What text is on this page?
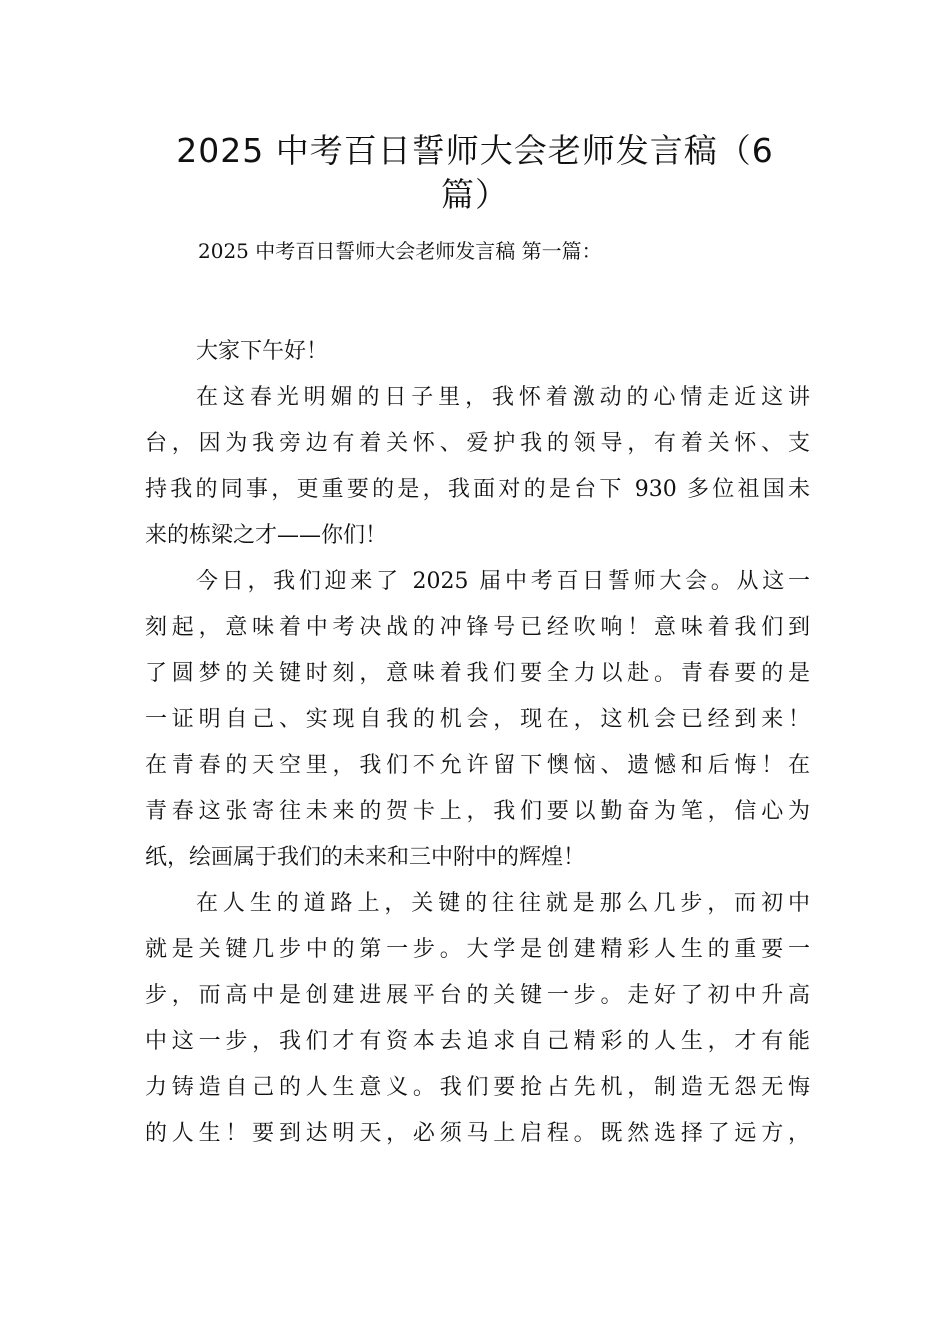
2025 中考百日誓师大会老师发言稿（6
篇）
2025 中考百日誓师大会老师发言稿 第一篇：
大家下午好！
在这春光明媚的日子里，我怀着激动的心情走近这讲
台，因为我旁边有着关怀、爱护我的领导，有着关怀、支
持我的同事，更重要的是，我面对的是台下 930 多位祖国未
来的栋梁之才——你们！
今日，我们迎来了 2025 届中考百日誓师大会。从这一
刻起，意味着中考决战的冲锋号已经吹响！意味着我们到
了圆梦的关键时刻，意味着我们要全力以赴。青春要的是
一证明自己、实现自我的机会，现在，这机会已经到来！
在青春的天空里，我们不允许留下懊恼、遗憾和后悔！在
青春这张寄往未来的贺卡上，我们要以勤奋为笔，信心为
纸，绘画属于我们的未来和三中附中的辉煌！
在人生的道路上，关键的往往就是那么几步，而初中
就是关键几步中的第一步。大学是创建精彩人生的重要一
步，而高中是创建进展平台的关键一步。走好了初中升高
中这一步，我们才有资本去追求自己精彩的人生，才有能
力铸造自己的人生意义。我们要抢占先机，制造无怨无悔
的人生！要到达明天，必须马上启程。既然选择了远方，
